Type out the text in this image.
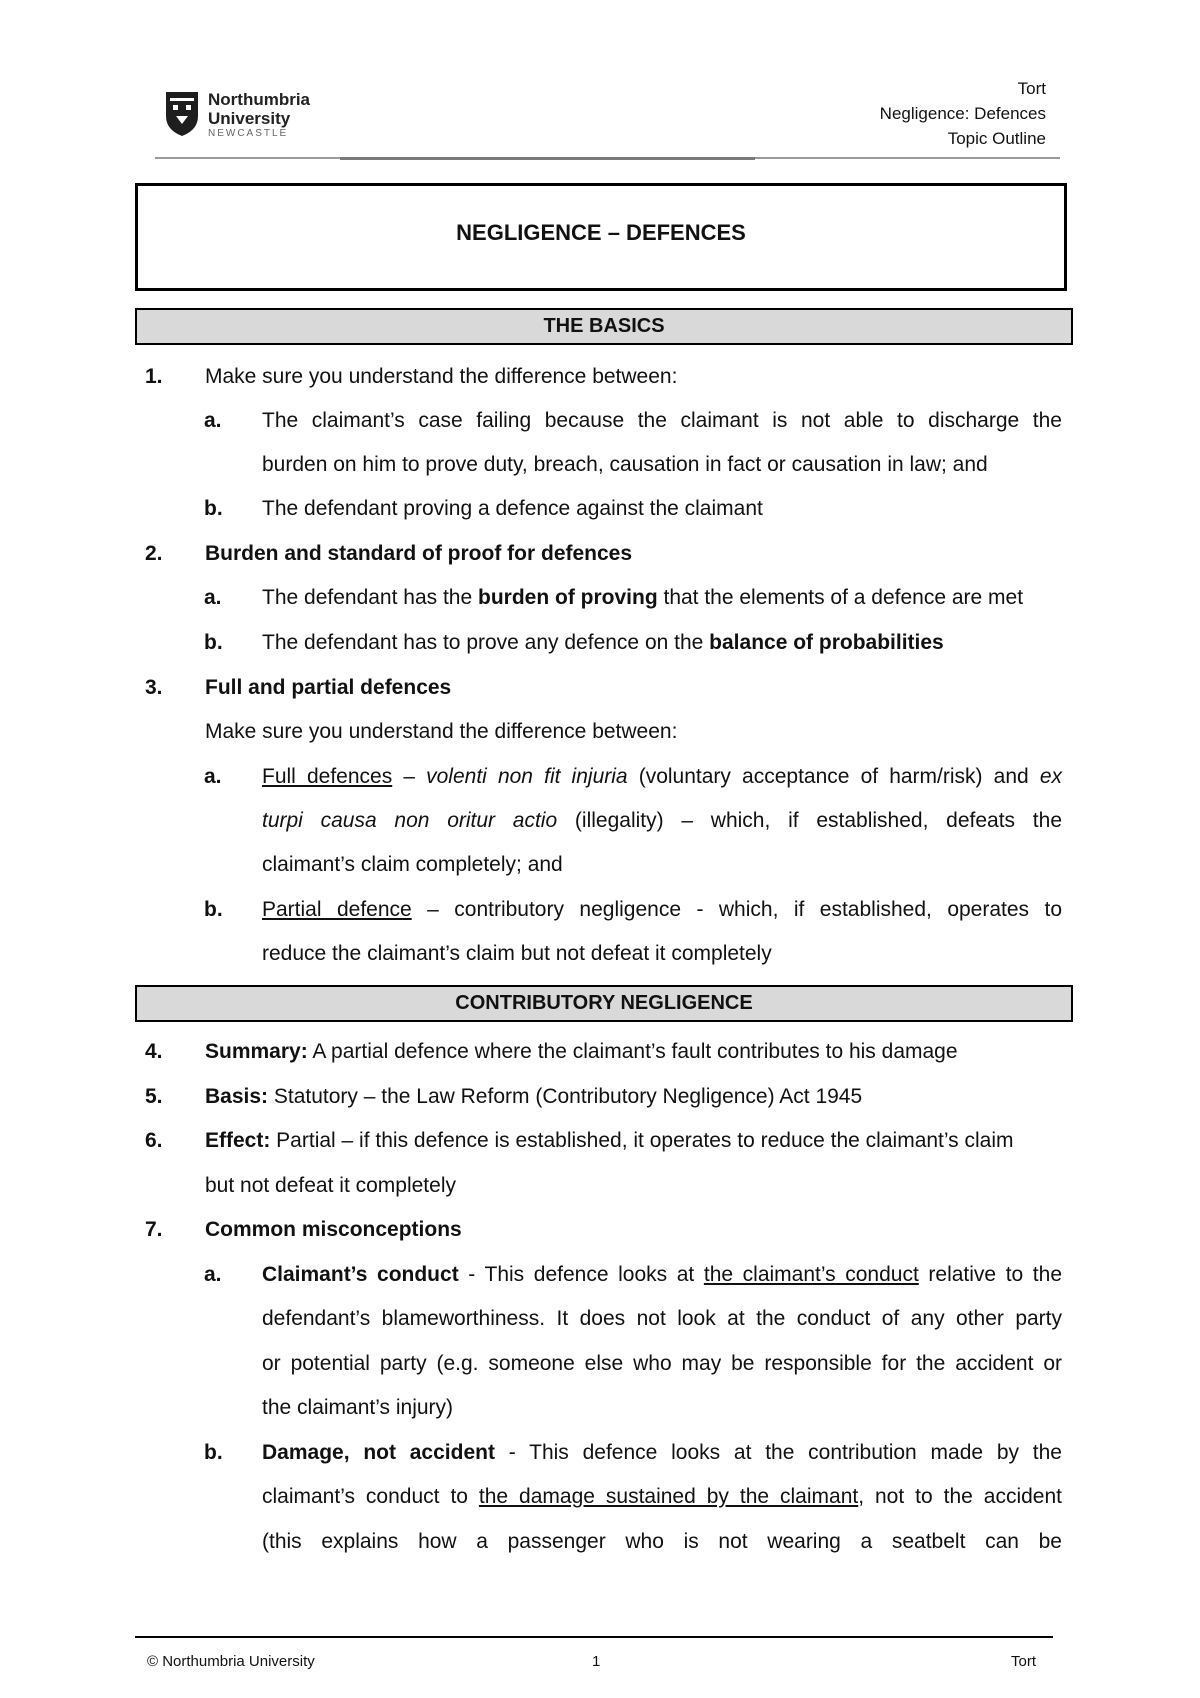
Northumbria
University
NEWCASTLE
Tort
Negligence: Defences
Topic Outline
NEGLIGENCE – DEFENCES
THE BASICS
1. Make sure you understand the difference between:
a. The claimant’s case failing because the claimant is not able to discharge the
burden on him to prove duty, breach, causation in fact or causation in law; and
b. The defendant proving a defence against the claimant
2. Burden and standard of proof for defences
a. The defendant has the burden of proving that the elements of a defence are met
b. The defendant has to prove any defence on the balance of probabilities
3. Full and partial defences
Make sure you understand the difference between:
a. Full defences – volenti non fit injuria (voluntary acceptance of harm/risk) and ex
turpi causa non oritur actio (illegality) – which, if established, defeats the
claimant’s claim completely; and
b. Partial defence – contributory negligence - which, if established, operates to
reduce the claimant’s claim but not defeat it completely
CONTRIBUTORY NEGLIGENCE
4. Summary: A partial defence where the claimant’s fault contributes to his damage
5. Basis: Statutory – the Law Reform (Contributory Negligence) Act 1945
6. Effect: Partial – if this defence is established, it operates to reduce the claimant’s claim
but not defeat it completely
7. Common misconceptions
a. Claimant’s conduct - This defence looks at the claimant’s conduct relative to the
defendant’s blameworthiness. It does not look at the conduct of any other party
or potential party (e.g. someone else who may be responsible for the accident or
the claimant’s injury)
b. Damage, not accident - This defence looks at the contribution made by the
claimant’s conduct to the damage sustained by the claimant, not to the accident
(this explains how a passenger who is not wearing a seatbelt can be
© Northumbria University	1	Tort
